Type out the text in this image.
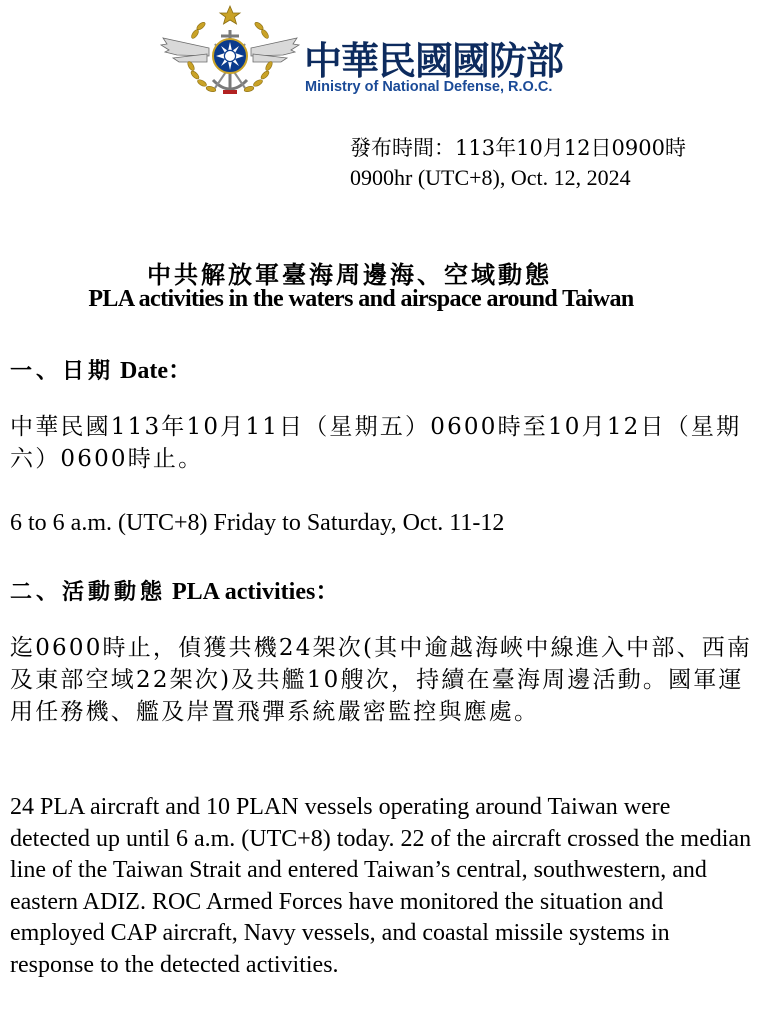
中華民國國防部
Ministry of National Defense, R.O.C.
發布時間：113年10月12日0900時
0900hr (UTC+8), Oct. 12, 2024
中共解放軍臺海周邊海、空域動態
PLA activities in the waters and airspace around Taiwan
一、日期 Date：

中華民國113年10月11日（星期五）0600時至10月12日（星期六）0600時止。

6 to 6 a.m. (UTC+8) Friday to Saturday, Oct. 11-12

二、活動動態 PLA activities：

迄0600時止，偵獲共機24架次(其中逾越海峽中線進入中部、西南及東部空域22架次)及共艦10艘次，持續在臺海周邊活動。國軍運用任務機、艦及岸置飛彈系統嚴密監控與應處。

24 PLA aircraft and 10 PLAN vessels operating around Taiwan were detected up until 6 a.m. (UTC+8) today. 22 of the aircraft crossed the median line of the Taiwan Strait and entered Taiwan’s central, southwestern, and eastern ADIZ. ROC Armed Forces have monitored the situation and employed CAP aircraft, Navy vessels, and coastal missile systems in response to the detected activities.
